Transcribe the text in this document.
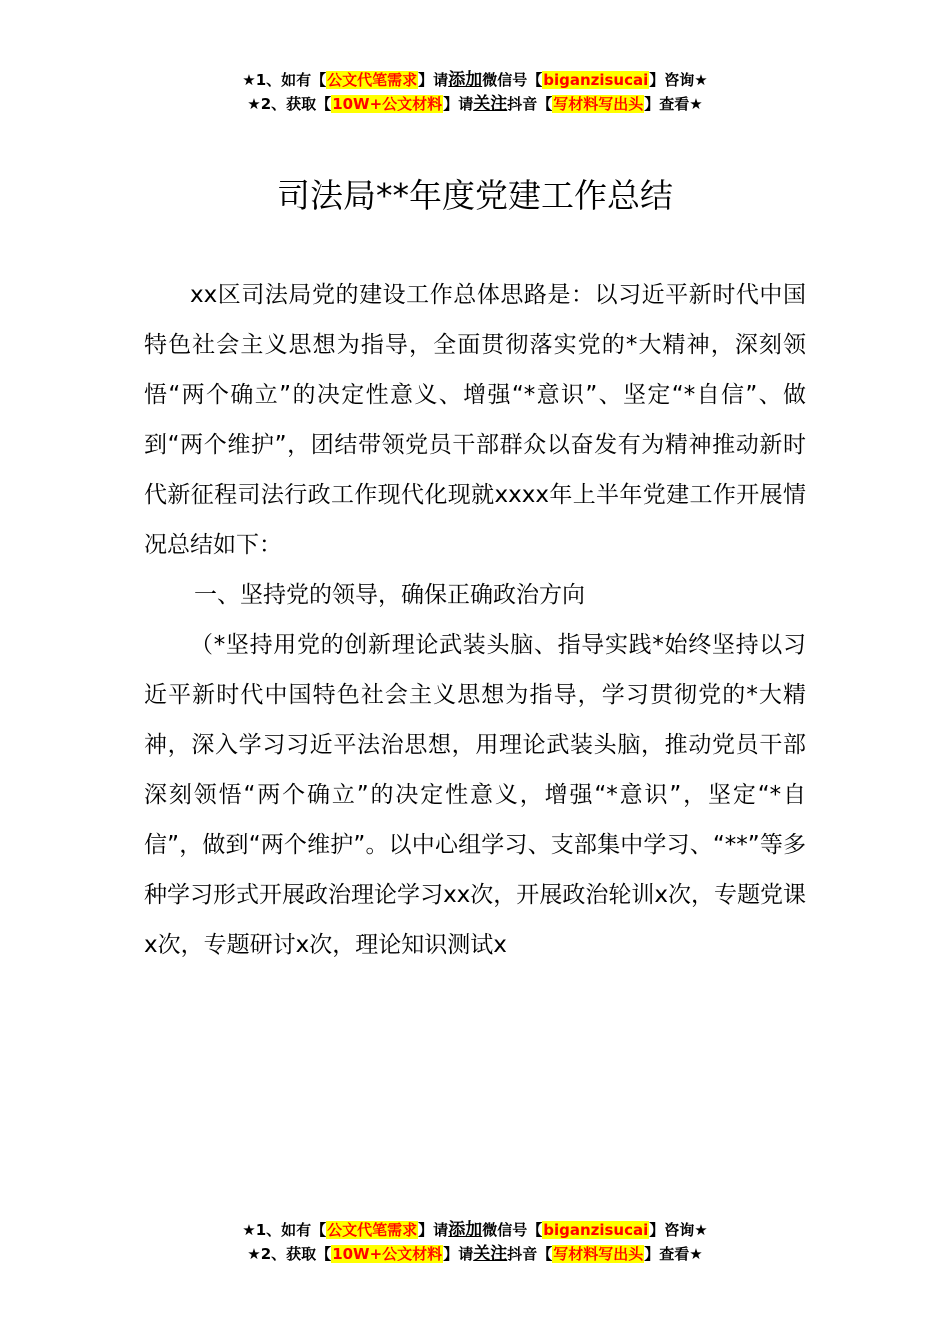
★1、如有【公文代笔需求】请添加微信号【biganzisucai】咨询★
★2、获取【10W+公文材料】请关注抖音【写材料写出头】查看★
司法局**年度党建工作总结

xx区司法局党的建设工作总体思路是：以习近平新时代中国特色社会主义思想为指导，全面贯彻落实党的*大精神，深刻领悟“两个确立”的决定性意义、增强“*意识”、坚定“*自信”、做到“两个维护”，团结带领党员干部群众以奋发有为精神推动新时代新征程司法行政工作现代化现就xxxx年上半年党建工作开展情况总结如下：

一、坚持党的领导，确保正确政治方向

（*坚持用党的创新理论武装头脑、指导实践*始终坚持以习近平新时代中国特色社会主义思想为指导，学习贯彻党的*大精神，深入学习习近平法治思想，用理论武装头脑，推动党员干部深刻领悟“两个确立”的决定性意义，增强“*意识”，坚定“*自信”，做到“两个维护”。以中心组学习、支部集中学习、“**”等多种学习形式开展政治理论学习xx次，开展政治轮训x次，专题党课x次，专题研讨x次，理论知识测试x

★1、如有【公文代笔需求】请添加微信号【biganzisucai】咨询★
★2、获取【10W+公文材料】请关注抖音【写材料写出头】查看★
